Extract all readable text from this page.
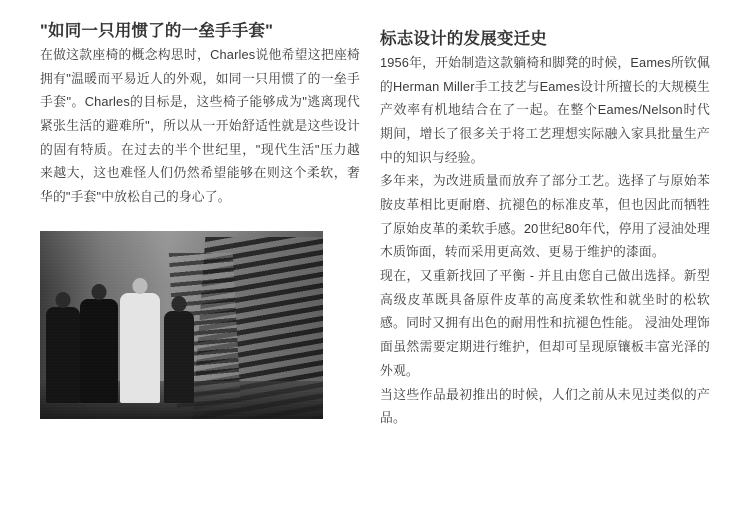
"如同一只用惯了的一垒手手套"

在做这款座椅的概念构思时，Charles说他希望这把座椅拥有"温暖而平易近人的外观，如同一只用惯了的一垒手手套"。Charles的目标是，这些椅子能够成为"逃离现代紧张生活的避难所"，所以从一开始舒适性就是这些设计的固有特质。在过去的半个世纪里，"现代生活"压力越来越大，这也难怪人们仍然希望能够在则这个柔软，奢华的"手套"中放松自己的身心了。

标志设计的发展变迁史

1956年，开始制造这款躺椅和脚凳的时候，Eames所钦佩的Herman Miller手工技艺与Eames设计所擅长的大规模生产效率有机地结合在了一起。在整个Eames/Nelson时代期间，增长了很多关于将工艺理想实际融入家具批量生产中的知识与经验。

多年来，为改进质量而放弃了部分工艺。选择了与原始苯胺皮革相比更耐磨、抗褪色的标准皮革，但也因此而牺牲了原始皮革的柔软手感。20世纪80年代，停用了浸油处理木质饰面，转而采用更高效、更易于维护的漆面。

现在，又重新找回了平衡 - 并且由您自己做出选择。新型高级皮革既具备原件皮革的高度柔软性和就坐时的松软感。同时又拥有出色的耐用性和抗褪色性能。 浸油处理饰面虽然需要定期进行维护，但却可呈现原镶板丰富光泽的外观。

当这些作品最初推出的时候，人们之前从未见过类似的产品。
